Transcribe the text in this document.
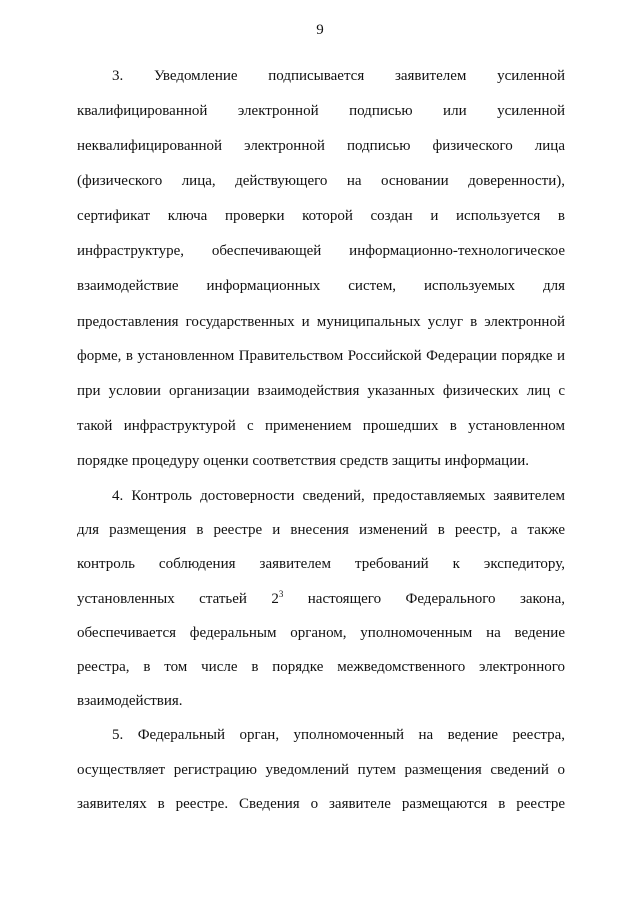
9
3. Уведомление подписывается заявителем усиленной
квалифицированной электронной подписью или усиленной
неквалифицированной электронной подписью физического лица
(физического лица, действующего на основании доверенности),
сертификат ключа проверки которой создан и используется в
инфраструктуре, обеспечивающей информационно-технологическое
взаимодействие информационных систем, используемых для
предоставления государственных и муниципальных услуг в электронной
форме, в установленном Правительством Российской Федерации порядке и
при условии организации взаимодействия указанных физических лиц с
такой инфраструктурой с применением прошедших в установленном
порядке процедуру оценки соответствия средств защиты информации.
4. Контроль достоверности сведений, предоставляемых заявителем
для размещения в реестре и внесения изменений в реестр, а также
контроль соблюдения заявителем требований к экспедитору,
установленных статьей $2^3$ настоящего Федерального закона,
обеспечивается федеральным органом, уполномоченным на ведение
реестра, в том числе в порядке межведомственного электронного
взаимодействия.
5. Федеральный орган, уполномоченный на ведение реестра,
осуществляет регистрацию уведомлений путем размещения сведений о
заявителях в реестре. Сведения о заявителе размещаются в реестре
